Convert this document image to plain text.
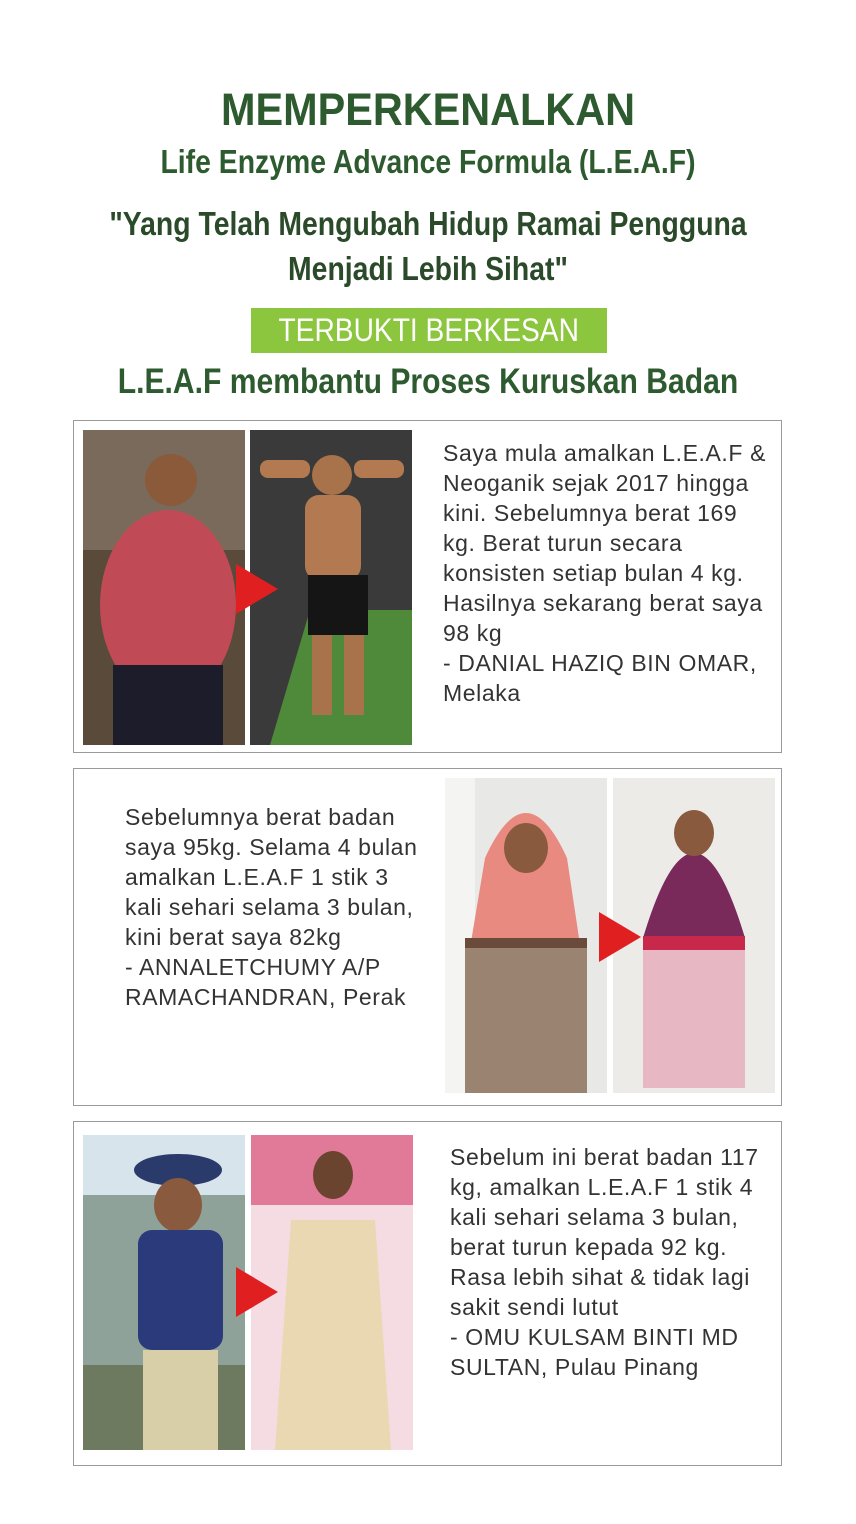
MEMPERKENALKAN
Life Enzyme Advance Formula (L.E.A.F)
"Yang Telah Mengubah Hidup Ramai Pengguna
Menjadi Lebih Sihat"
TERBUKTI BERKESAN
L.E.A.F membantu Proses Kuruskan Badan

Saya mula amalkan L.E.A.F & Neoganik sejak 2017 hingga kini. Sebelumnya berat 169 kg. Berat turun secara konsisten setiap bulan 4 kg. Hasilnya sekarang berat saya 98 kg

- DANIAL HAZIQ BIN OMAR, Melaka

Sebelumnya berat badan saya 95kg. Selama 4 bulan amalkan L.E.A.F 1 stik 3 kali sehari selama 3 bulan, kini berat saya 82kg

- ANNALETCHUMY A/P RAMACHANDRAN, Perak

Sebelum ini berat badan 117 kg, amalkan L.E.A.F 1 stik 4 kali sehari selama 3 bulan, berat turun kepada 92 kg. Rasa lebih sihat & tidak lagi sakit sendi lutut

- OMU KULSAM BINTI MD SULTAN, Pulau Pinang
